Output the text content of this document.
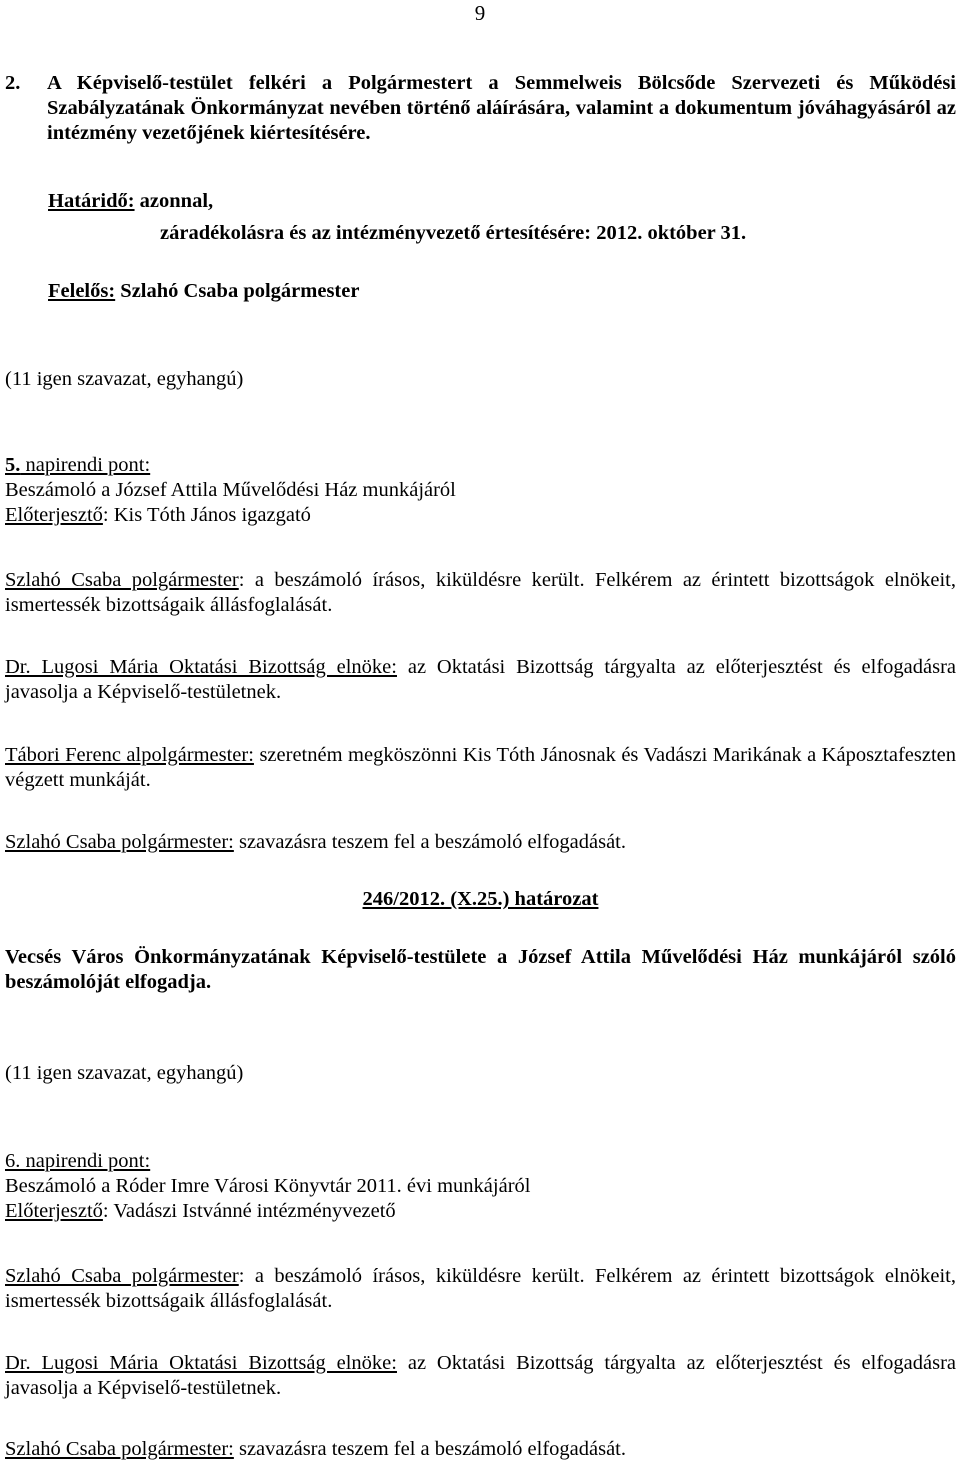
9
2. A Képviselő-testület felkéri a Polgármestert a Semmelweis Bölcsőde Szervezeti és Működési Szabályzatának Önkormányzat nevében történő aláírására, valamint a dokumentum jóváhagyásáról az intézmény vezetőjének kiértesítésére.

Határidő: azonnal,

záradékolásra és az intézményvezető értesítésére: 2012. október 31.

Felelős: Szlahó Csaba polgármester

(11 igen szavazat, egyhangú)

5. napirendi pont:

Beszámoló a József Attila Művelődési Ház munkájáról

Előterjesztő: Kis Tóth János igazgató

Szlahó Csaba polgármester: a beszámoló írásos, kiküldésre került. Felkérem az érintett bizottságok elnökeit, ismertessék bizottságaik állásfoglalását.

Dr. Lugosi Mária Oktatási Bizottság elnöke: az Oktatási Bizottság tárgyalta az előterjesztést és elfogadásra javasolja a Képviselő-testületnek.

Tábori Ferenc alpolgármester: szeretném megköszönni Kis Tóth Jánosnak és Vadászi Marikának a Káposztafeszten végzett munkáját.

Szlahó Csaba polgármester: szavazásra teszem fel a beszámoló elfogadását.

246/2012. (X.25.) határozat

Vecsés Város Önkormányzatának Képviselő-testülete a József Attila Művelődési Ház munkájáról szóló beszámolóját elfogadja.

(11 igen szavazat, egyhangú)

6. napirendi pont:

Beszámoló a Róder Imre Városi Könyvtár 2011. évi munkájáról

Előterjesztő: Vadászi Istvánné intézményvezető

Szlahó Csaba polgármester: a beszámoló írásos, kiküldésre került. Felkérem az érintett bizottságok elnökeit, ismertessék bizottságaik állásfoglalását.

Dr. Lugosi Mária Oktatási Bizottság elnöke: az Oktatási Bizottság tárgyalta az előterjesztést és elfogadásra javasolja a Képviselő-testületnek.

Szlahó Csaba polgármester: szavazásra teszem fel a beszámoló elfogadását.
